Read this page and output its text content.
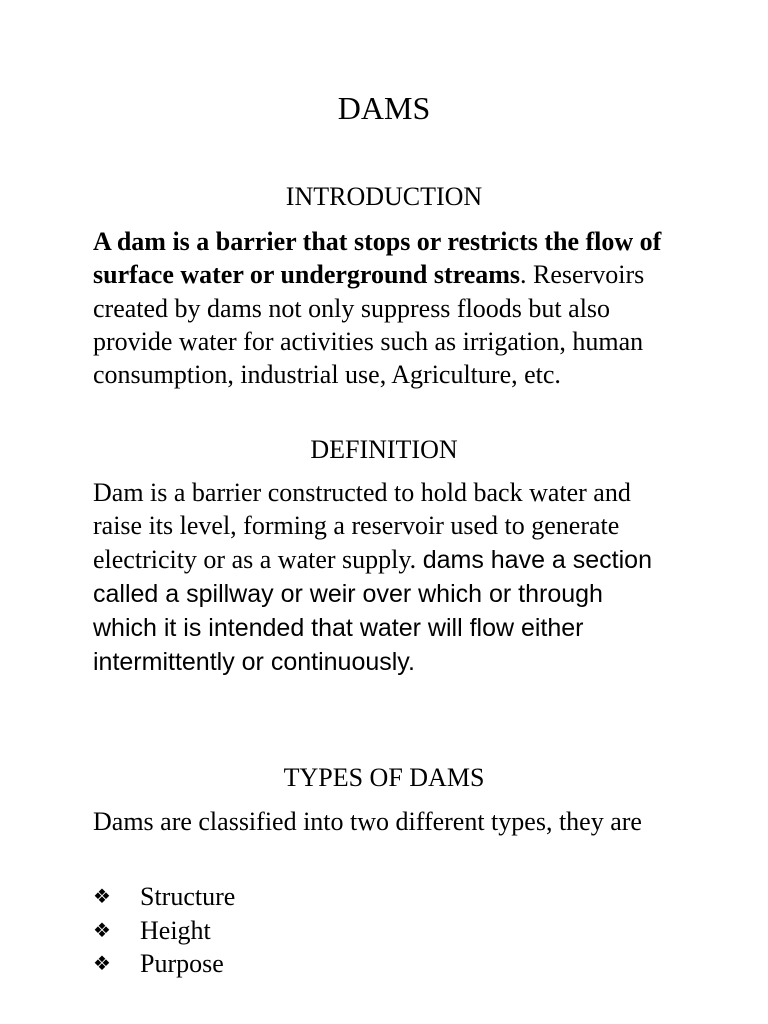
DAMS
INTRODUCTION

A dam is a barrier that stops or restricts the flow of surface water or underground streams. Reservoirs created by dams not only suppress floods but also provide water for activities such as irrigation, human consumption, industrial use, Agriculture, etc.

DEFINITION

Dam is a barrier constructed to hold back water and raise its level, forming a reservoir used to generate electricity or as a water supply. dams have a section called a spillway or weir over which or through which it is intended that water will flow either intermittently or continuously.

TYPES OF DAMS

Dams are classified into two different types, they are

❖	Structure
❖	Height
❖	Purpose
